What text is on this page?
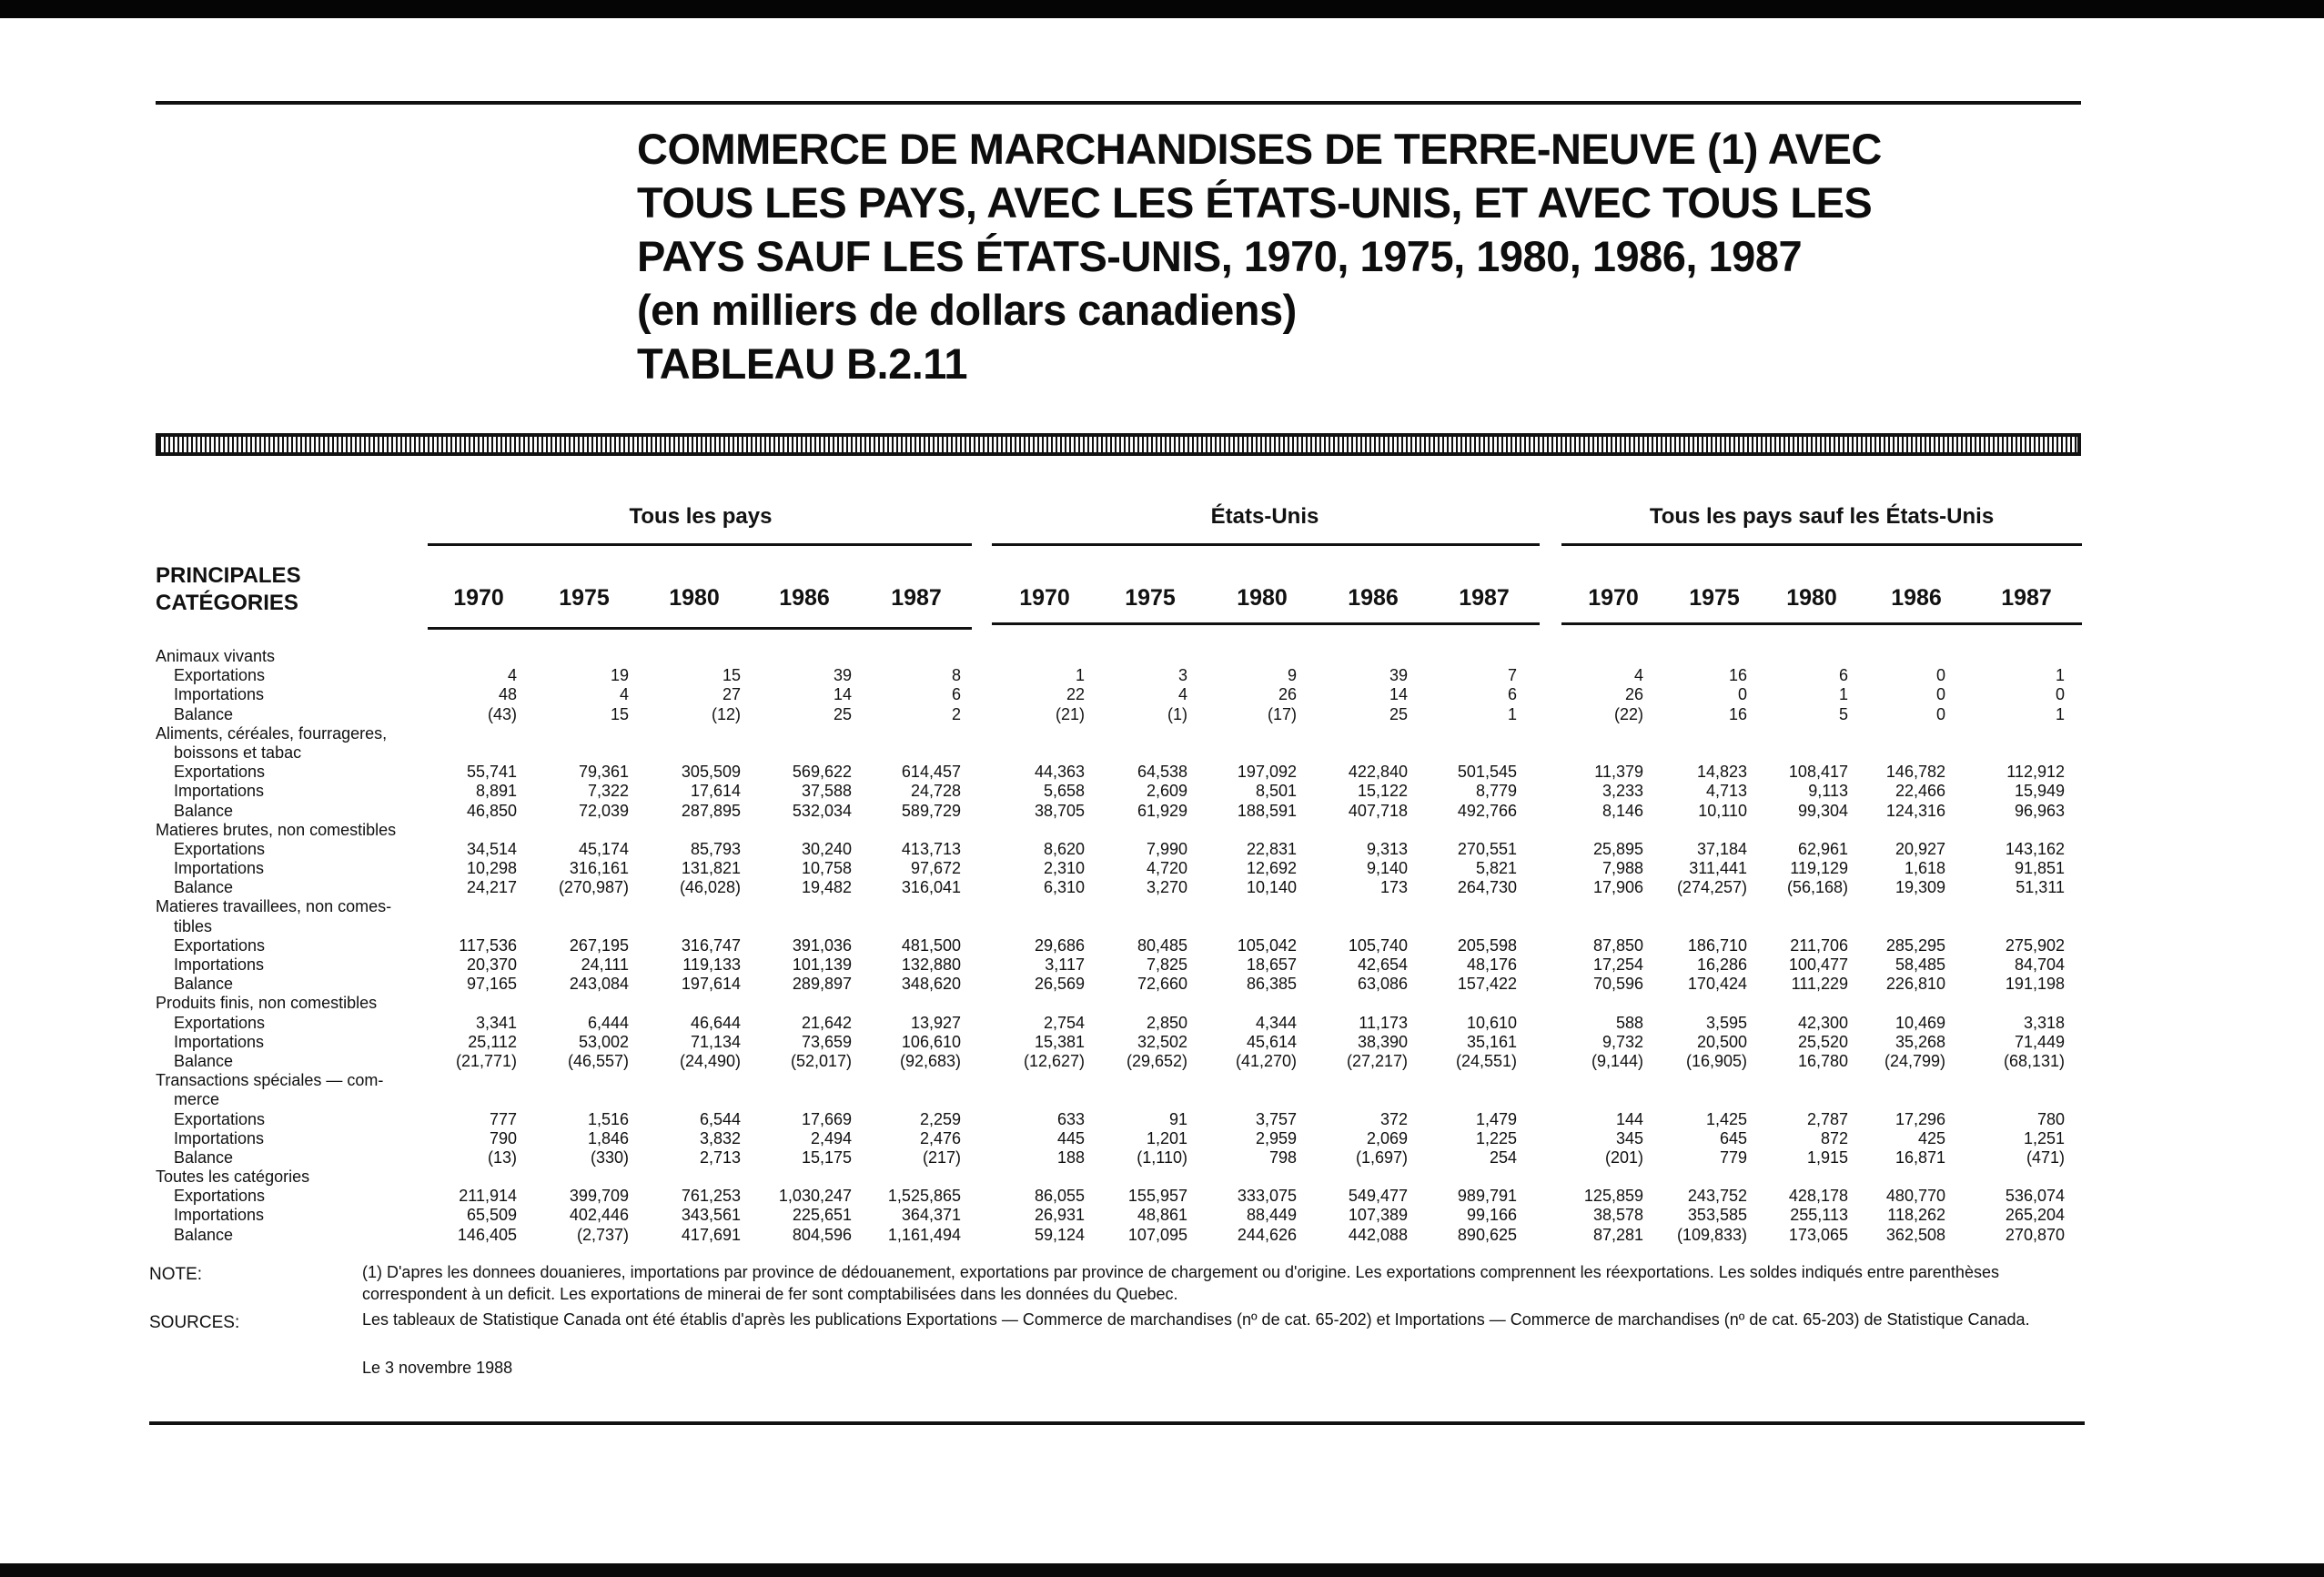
COMMERCE DE MARCHANDISES DE TERRE-NEUVE (1) AVEC
TOUS LES PAYS, AVEC LES ÉTATS-UNIS, ET AVEC TOUS LES
PAYS SAUF LES ÉTATS-UNIS, 1970, 1975, 1980, 1986, 1987
(en milliers de dollars canadiens)
TABLEAU B.2.11
Tous les pays	États-Unis	Tous les pays sauf les États-Unis
PRINCIPALES
CATÉGORIES	1970	1975	1980	1986	1987	1970	1975	1980	1986	1987	1970	1975	1980	1986	1987
Animaux vivants
Exportations	4	19	15	39	8	1	3	9	39	7	4	16	6	0	1
Importations	48	4	27	14	6	22	4	26	14	6	26	0	1	0	0
Balance	(43)	15	(12)	25	2	(21)	(1)	(17)	25	1	(22)	16	5	0	1
Aliments, céréales, fourrageres,
boissons et tabac
Exportations	55,741	79,361	305,509	569,622	614,457	44,363	64,538	197,092	422,840	501,545	11,379	14,823	108,417	146,782	112,912
Importations	8,891	7,322	17,614	37,588	24,728	5,658	2,609	8,501	15,122	8,779	3,233	4,713	9,113	22,466	15,949
Balance	46,850	72,039	287,895	532,034	589,729	38,705	61,929	188,591	407,718	492,766	8,146	10,110	99,304	124,316	96,963
Matieres brutes, non comestibles
Exportations	34,514	45,174	85,793	30,240	413,713	8,620	7,990	22,831	9,313	270,551	25,895	37,184	62,961	20,927	143,162
Importations	10,298	316,161	131,821	10,758	97,672	2,310	4,720	12,692	9,140	5,821	7,988	311,441	119,129	1,618	91,851
Balance	24,217	(270,987)	(46,028)	19,482	316,041	6,310	3,270	10,140	173	264,730	17,906	(274,257)	(56,168)	19,309	51,311
Matieres travaillees, non comes-
tibles
Exportations	117,536	267,195	316,747	391,036	481,500	29,686	80,485	105,042	105,740	205,598	87,850	186,710	211,706	285,295	275,902
Importations	20,370	24,111	119,133	101,139	132,880	3,117	7,825	18,657	42,654	48,176	17,254	16,286	100,477	58,485	84,704
Balance	97,165	243,084	197,614	289,897	348,620	26,569	72,660	86,385	63,086	157,422	70,596	170,424	111,229	226,810	191,198
Produits finis, non comestibles
Exportations	3,341	6,444	46,644	21,642	13,927	2,754	2,850	4,344	11,173	10,610	588	3,595	42,300	10,469	3,318
Importations	25,112	53,002	71,134	73,659	106,610	15,381	32,502	45,614	38,390	35,161	9,732	20,500	25,520	35,268	71,449
Balance	(21,771)	(46,557)	(24,490)	(52,017)	(92,683)	(12,627)	(29,652)	(41,270)	(27,217)	(24,551)	(9,144)	(16,905)	16,780	(24,799)	(68,131)
Transactions spéciales — com-
merce
Exportations	777	1,516	6,544	17,669	2,259	633	91	3,757	372	1,479	144	1,425	2,787	17,296	780
Importations	790	1,846	3,832	2,494	2,476	445	1,201	2,959	2,069	1,225	345	645	872	425	1,251
Balance	(13)	(330)	2,713	15,175	(217)	188	(1,110)	798	(1,697)	254	(201)	779	1,915	16,871	(471)
Toutes les catégories
Exportations	211,914	399,709	761,253	1,030,247	1,525,865	86,055	155,957	333,075	549,477	989,791	125,859	243,752	428,178	480,770	536,074
Importations	65,509	402,446	343,561	225,651	364,371	26,931	48,861	88,449	107,389	99,166	38,578	353,585	255,113	118,262	265,204
Balance	146,405	(2,737)	417,691	804,596	1,161,494	59,124	107,095	244,626	442,088	890,625	87,281	(109,833)	173,065	362,508	270,870
NOTE:	(1) D'apres les donnees douanieres, importations par province de dédouanement, exportations par province de chargement ou d'origine. Les exportations comprennent les réexportations. Les soldes indiqués entre parenthèses correspondent à un deficit. Les exportations de minerai de fer sont comptabilisées dans les données du Quebec.
SOURCES:	Les tableaux de Statistique Canada ont été établis d'après les publications Exportations — Commerce de marchandises (nº de cat. 65-202) et Importations — Commerce de marchandises (nº de cat. 65-203) de Statistique Canada.
Le 3 novembre 1988
